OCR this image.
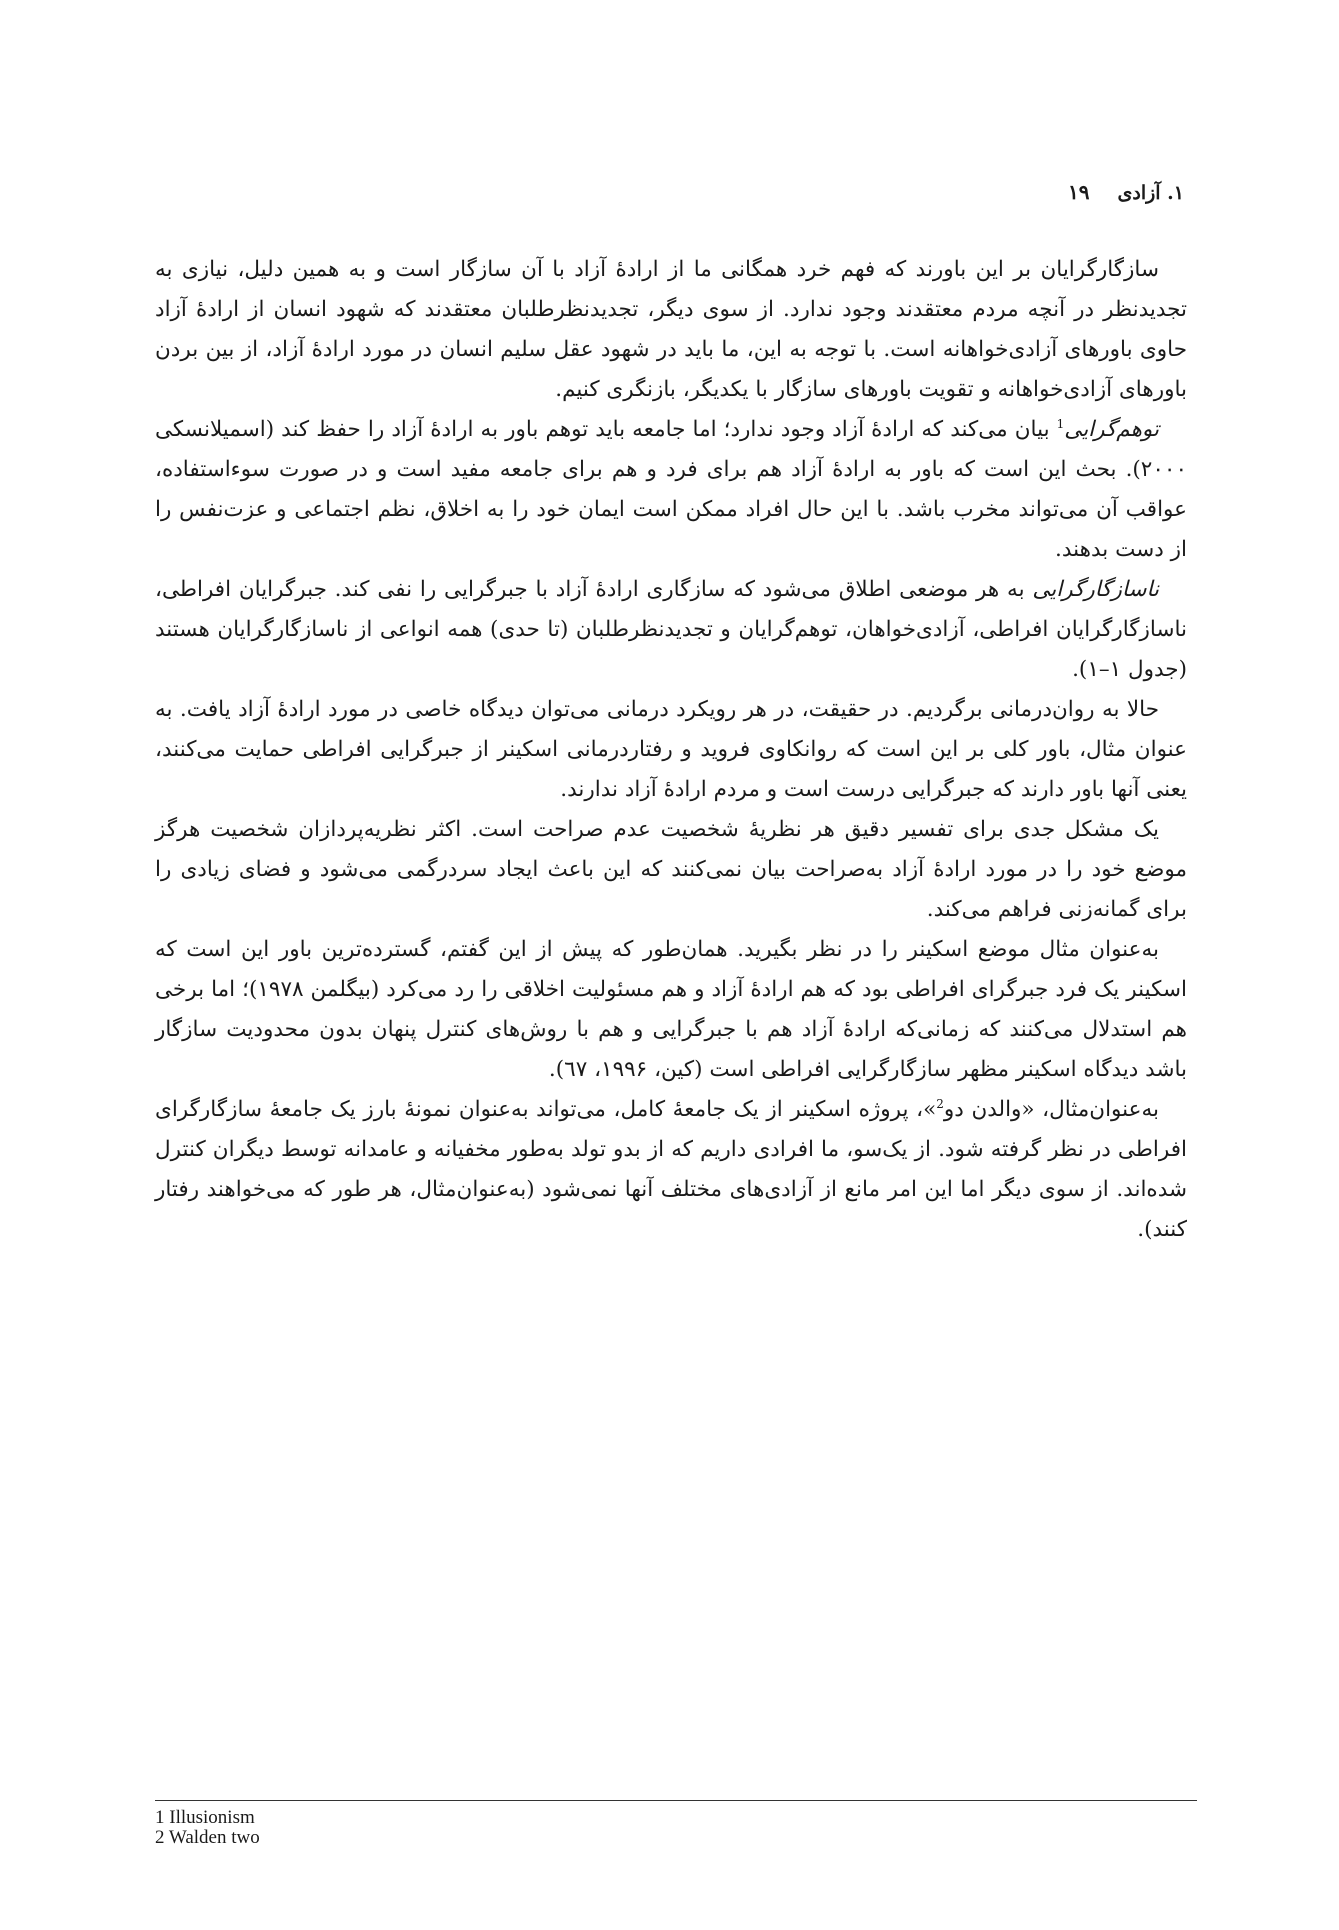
۱. آزادی
۱۹

سازگارگرایان بر این باورند که فهم خرد همگانی ما از ارادهٔ آزاد با آن سازگار است و به همین دلیل، نیازی به تجدیدنظر در آنچه مردم معتقدند وجود ندارد. از سوی دیگر، تجدیدنظرطلبان معتقدند که شهود انسان از ارادهٔ آزاد حاوی باورهای آزادی‌خواهانه است. با توجه به این، ما باید در شهود عقل سلیم انسان در مورد ارادهٔ آزاد، از بین بردن باورهای آزادی‌خواهانه و تقویت باورهای سازگار با یکدیگر، بازنگری کنیم.

توهم‌گرایی$^1$ بیان می‌کند که ارادهٔ آزاد وجود ندارد؛ اما جامعه باید توهم باور به ارادهٔ آزاد را حفظ کند (اسمیلانسکی ۲۰۰۰). بحث این است که باور به ارادهٔ آزاد هم برای فرد و هم برای جامعه مفید است و در صورت سوءاستفاده، عواقب آن می‌تواند مخرب باشد. با این حال افراد ممکن است ایمان خود را به اخلاق، نظم اجتماعی و عزت‌نفس را از دست بدهند.

ناسازگارگرایی به هر موضعی اطلاق می‌شود که سازگاری ارادهٔ آزاد با جبرگرایی را نفی کند. جبرگرایان افراطی، ناسازگارگرایان افراطی، آزادی‌خواهان، توهم‌گرایان و تجدیدنظرطلبان (تا حدی) همه انواعی از ناسازگارگرایان هستند (جدول ۱–۱).

حالا به روان‌درمانی برگردیم. در حقیقت، در هر رویکرد درمانی می‌توان دیدگاه خاصی در مورد ارادهٔ آزاد یافت. به عنوان مثال، باور کلی بر این است که روانکاوی فروید و رفتاردرمانی اسکینر از جبرگرایی افراطی حمایت می‌کنند، یعنی آنها باور دارند که جبرگرایی درست است و مردم ارادهٔ آزاد ندارند.

یک مشکل جدی برای تفسیر دقیق هر نظریهٔ شخصیت عدم صراحت است. اکثر نظریه‌پردازان شخصیت هرگز موضع خود را در مورد ارادهٔ آزاد به‌صراحت بیان نمی‌کنند که این باعث ایجاد سردرگمی می‌شود و فضای زیادی را برای گمانه‌زنی فراهم می‌کند.

به‌عنوان مثال موضع اسکینر را در نظر بگیرید. همان‌طور که پیش از این گفتم، گسترده‌ترین باور این است که اسکینر یک فرد جبرگرای افراطی بود که هم ارادهٔ آزاد و هم مسئولیت اخلاقی را رد می‌کرد (بیگلمن ۱۹۷۸)؛ اما برخی هم استدلال می‌کنند که زمانی‌که ارادهٔ آزاد هم با جبرگرایی و هم با روش‌های کنترل پنهان بدون محدودیت سازگار باشد دیدگاه اسکینر مظهر سازگارگرایی افراطی است (کین، ۱۹۹۶، ٦٧).

به‌عنوان‌مثال، «والدن دو$^2$»، پروژه اسکینر از یک جامعهٔ کامل، می‌تواند به‌عنوان نمونهٔ بارز یک جامعهٔ سازگارگرای افراطی در نظر گرفته شود. از یک‌سو، ما افرادی داریم که از بدو تولد به‌طور مخفیانه و عامدانه توسط دیگران کنترل شده‌اند. از سوی دیگر اما این امر مانع از آزادی‌های مختلف آنها نمی‌شود (به‌عنوان‌مثال، هر طور که می‌خواهند رفتار کنند).

1 Illusionism
2 Walden two
